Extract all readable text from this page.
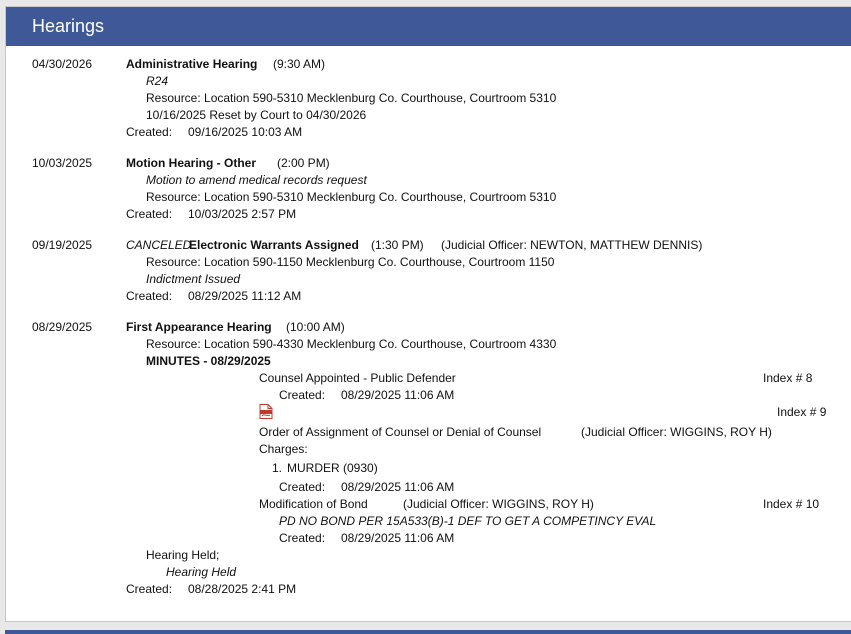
Hearings
04/30/2026	Administrative Hearing (9:30 AM)
R24
Resource: Location 590-5310 Mecklenburg Co. Courthouse, Courtroom 5310
10/16/2025 Reset by Court to 04/30/2026
Created: 09/16/2025 10:03 AM
10/03/2025	Motion Hearing - Other (2:00 PM)
Motion to amend medical records request
Resource: Location 590-5310 Mecklenburg Co. Courthouse, Courtroom 5310
Created: 10/03/2025 2:57 PM
09/19/2025	CANCELED
Electronic Warrants Assigned (1:30 PM) (Judicial Officer: NEWTON, MATTHEW DENNIS)
Resource: Location 590-1150 Mecklenburg Co. Courthouse, Courtroom 1150
Indictment Issued
Created: 08/29/2025 11:12 AM
08/29/2025	First Appearance Hearing (10:00 AM)
Resource: Location 590-4330 Mecklenburg Co. Courthouse, Courtroom 4330
MINUTES - 08/29/2025
Counsel Appointed - Public Defender	Index # 8
Created: 08/29/2025 11:06 AM
Index # 9
Order of Assignment of Counsel or Denial of Counsel	(Judicial Officer: WIGGINS, ROY H)
Charges:
1. MURDER (0930)
Created: 08/29/2025 11:06 AM
Modification of Bond	(Judicial Officer: WIGGINS, ROY H)	Index # 10
PD NO BOND PER 15A533(B)-1 DEF TO GET A COMPETINCY EVAL
Created: 08/29/2025 11:06 AM
Hearing Held;
Hearing Held
Created: 08/28/2025 2:41 PM
